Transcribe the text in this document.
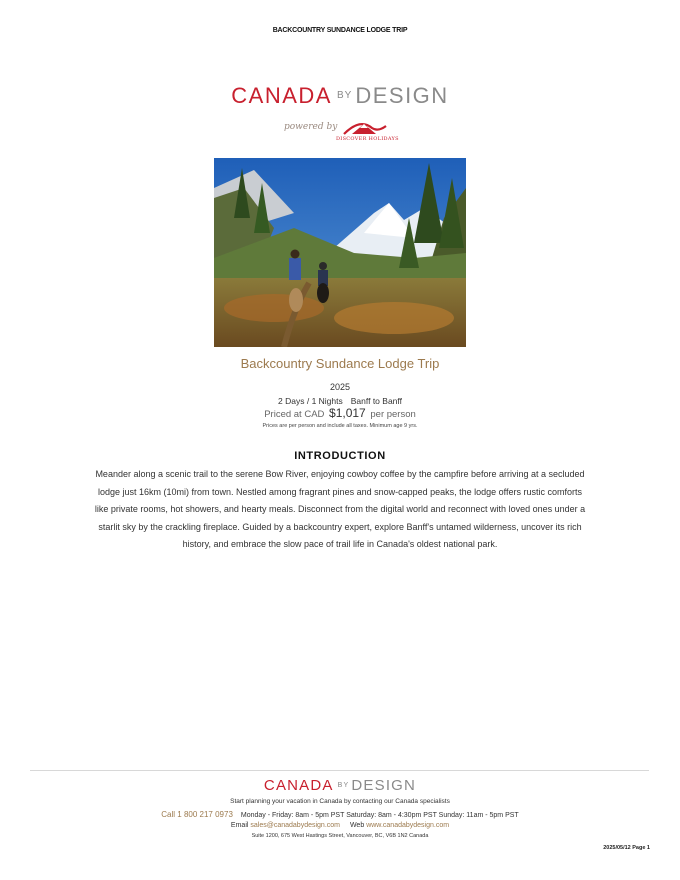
BACKCOUNTRY SUNDANCE LODGE TRIP
CANADA $^{BY}$ DESIGN
powered by
DISCOVER HOLIDAYS
Backcountry Sundance Lodge Trip
2025
2 Days / 1 Nights Banff to Banff
Priced at CAD $1,017 per person
Prices are per person and include all taxes. Minimum age 9 yrs.
INTRODUCTION
Meander along a scenic trail to the serene Bow River, enjoying cowboy coffee by the campfire before arriving at a secluded lodge just 16km (10mi) from town. Nestled among fragrant pines and snow-capped peaks, the lodge offers rustic comforts like private rooms, hot showers, and hearty meals. Disconnect from the digital world and reconnect with loved ones under a starlit sky by the crackling fireplace. Guided by a backcountry expert, explore Banff's untamed wilderness, uncover its rich history, and embrace the slow pace of trail life in Canada's oldest national park.
CANADA $^{BY}$ DESIGN
Start planning your vacation in Canada by contacting our Canada specialists
Call 1 800 217 0973 Monday - Friday: 8am - 5pm PST Saturday: 8am - 4:30pm PST Sunday: 11am - 5pm PST
Email sales@canadabydesign.com Web www.canadabydesign.com
Suite 1200, 675 West Hastings Street, Vancouver, BC, V6B 1N2 Canada
2025/05/12 Page 1
